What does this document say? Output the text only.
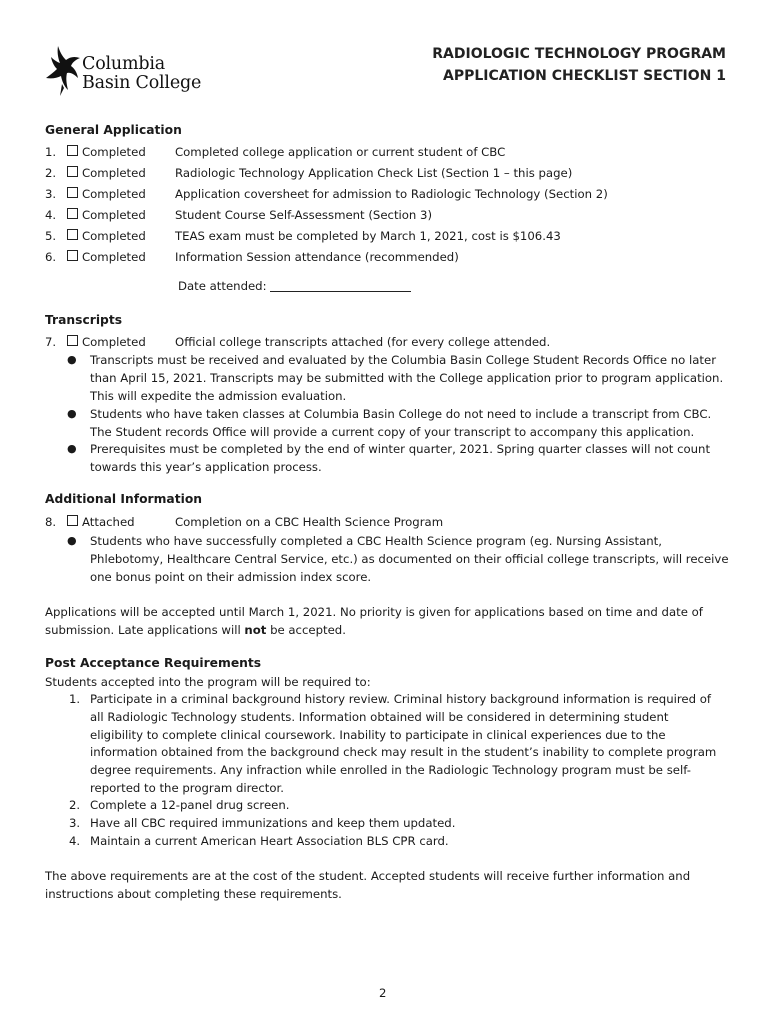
Columbia
Basin College
RADIOLOGIC TECHNOLOGY PROGRAM
APPLICATION CHECKLIST SECTION 1
General Application
1.	Completed	Completed college application or current student of CBC
2.	Completed	Radiologic Technology Application Check List (Section 1 – this page)
3.	Completed	Application coversheet for admission to Radiologic Technology (Section 2)
4.	Completed	Student Course Self-Assessment (Section 3)
5.	Completed	TEAS exam must be completed by March 1, 2021, cost is $106.43
6.	Completed	Information Session attendance (recommended)
Date attended:
Transcripts
7.	Completed	Official college transcripts attached (for every college attended.
● Transcripts must be received and evaluated by the Columbia Basin College Student Records Office no later
than April 15, 2021. Transcripts may be submitted with the College application prior to program application.
This will expedite the admission evaluation.
● Students who have taken classes at Columbia Basin College do not need to include a transcript from CBC.
The Student records Office will provide a current copy of your transcript to accompany this application.
● Prerequisites must be completed by the end of winter quarter, 2021. Spring quarter classes will not count
towards this year’s application process.
Additional Information
8.	Attached	Completion on a CBC Health Science Program
● Students who have successfully completed a CBC Health Science program (eg. Nursing Assistant,
Phlebotomy, Healthcare Central Service, etc.) as documented on their official college transcripts, will receive
one bonus point on their admission index score.
Applications will be accepted until March 1, 2021. No priority is given for applications based on time and date of
submission. Late applications will not be accepted.
Post Acceptance Requirements
Students accepted into the program will be required to:
1. Participate in a criminal background history review. Criminal history background information is required of
all Radiologic Technology students. Information obtained will be considered in determining student
eligibility to complete clinical coursework. Inability to participate in clinical experiences due to the
information obtained from the background check may result in the student’s inability to complete program
degree requirements. Any infraction while enrolled in the Radiologic Technology program must be self-
reported to the program director.
2. Complete a 12-panel drug screen.
3. Have all CBC required immunizations and keep them updated.
4. Maintain a current American Heart Association BLS CPR card.
The above requirements are at the cost of the student. Accepted students will receive further information and
instructions about completing these requirements.
2
